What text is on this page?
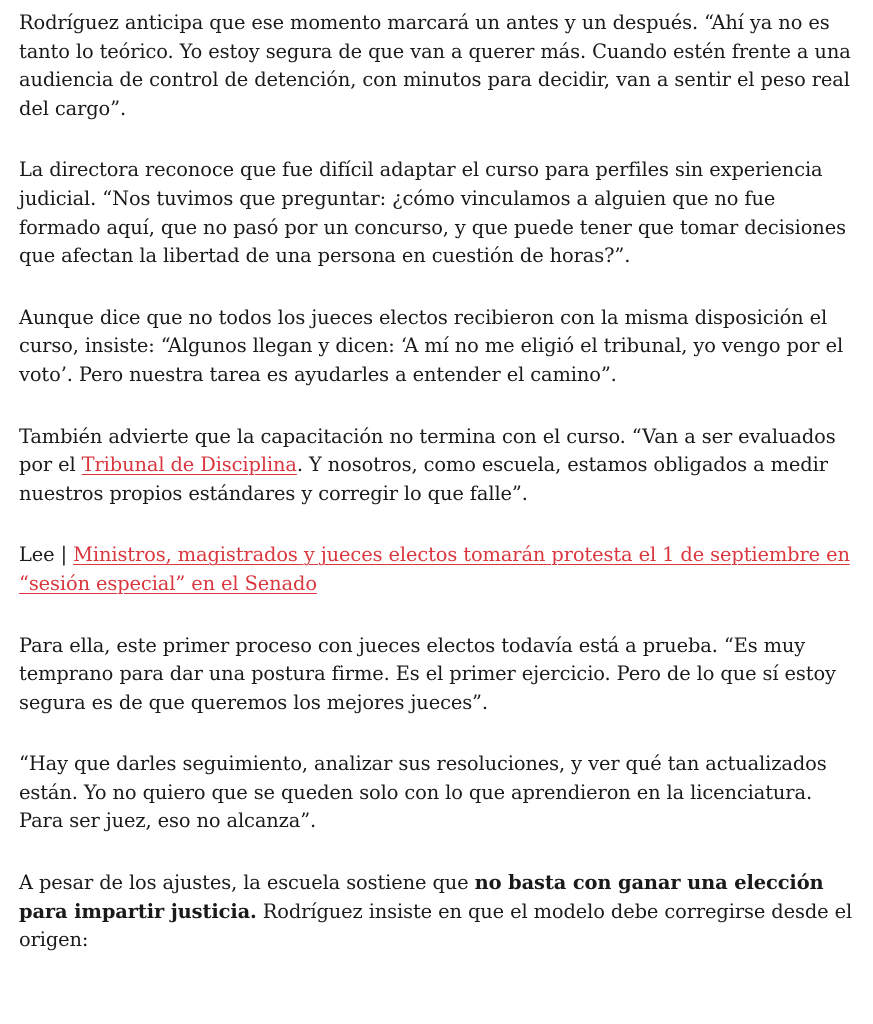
Rodríguez anticipa que ese momento marcará un antes y un después. “Ahí ya no es tanto lo teórico. Yo estoy segura de que van a querer más. Cuando estén frente a una audiencia de control de detención, con minutos para decidir, van a sentir el peso real del cargo”.

La directora reconoce que fue difícil adaptar el curso para perfiles sin experiencia judicial. “Nos tuvimos que preguntar: ¿cómo vinculamos a alguien que no fue formado aquí, que no pasó por un concurso, y que puede tener que tomar decisiones que afectan la libertad de una persona en cuestión de horas?”.

Aunque dice que no todos los jueces electos recibieron con la misma disposición el curso, insiste: “Algunos llegan y dicen: ‘A mí no me eligió el tribunal, yo vengo por el voto’. Pero nuestra tarea es ayudarles a entender el camino”.

También advierte que la capacitación no termina con el curso. “Van a ser evaluados por el Tribunal de Disciplina. Y nosotros, como escuela, estamos obligados a medir nuestros propios estándares y corregir lo que falle”.

Lee | Ministros, magistrados y jueces electos tomarán protesta el 1 de septiembre en “sesión especial” en el Senado

Para ella, este primer proceso con jueces electos todavía está a prueba. “Es muy temprano para dar una postura firme. Es el primer ejercicio. Pero de lo que sí estoy segura es de que queremos los mejores jueces”.

“Hay que darles seguimiento, analizar sus resoluciones, y ver qué tan actualizados están. Yo no quiero que se queden solo con lo que aprendieron en la licenciatura. Para ser juez, eso no alcanza”.

A pesar de los ajustes, la escuela sostiene que no basta con ganar una elección para impartir justicia. Rodríguez insiste en que el modelo debe corregirse desde el origen:
